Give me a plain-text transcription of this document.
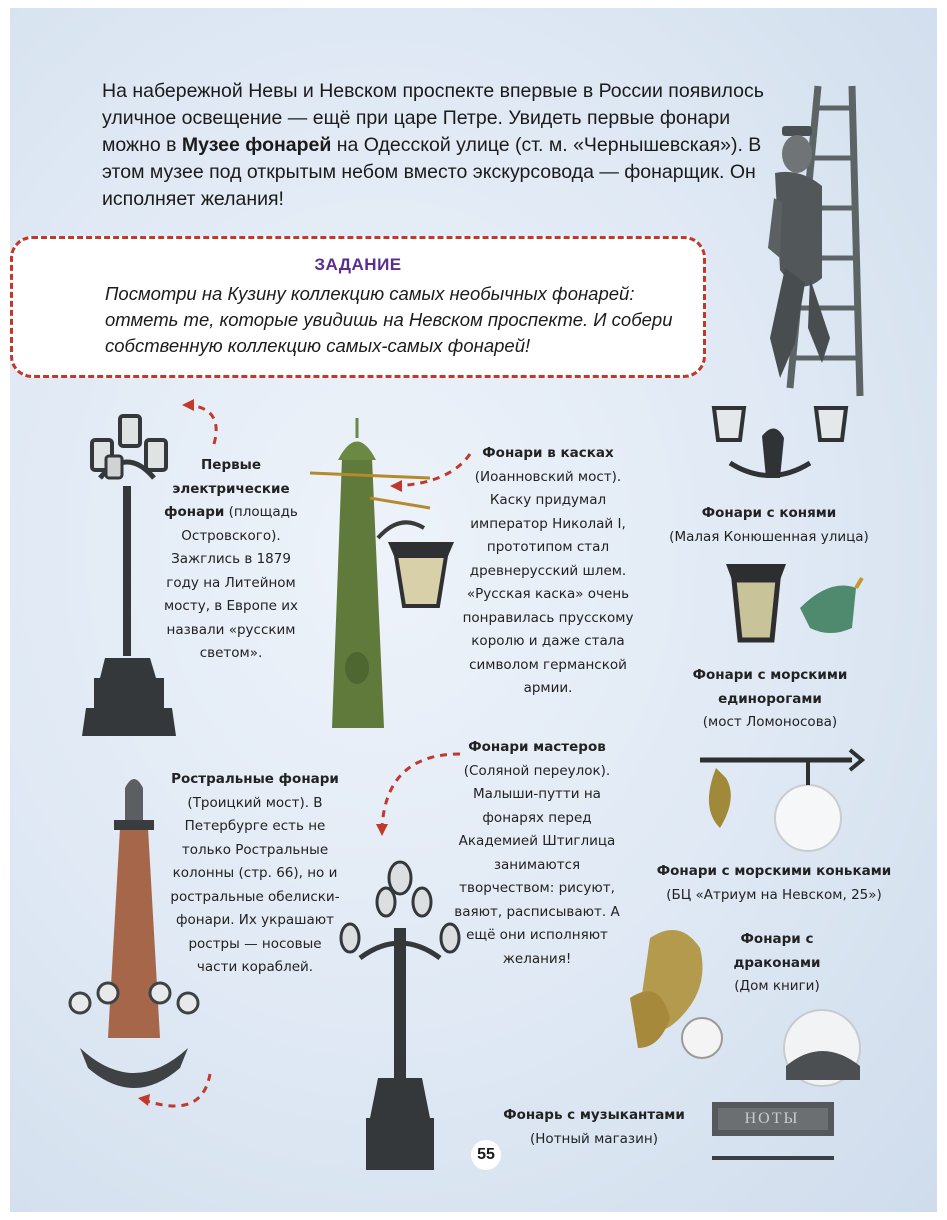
На набережной Невы и Невском проспекте впервые в России появилось уличное освещение — ещё при царе Петре. Увидеть первые фонари можно в Музее фонарей на Одесской улице (ст. м. «Чернышевская»). В этом музее под открытым небом вместо экскурсовода — фонарщик. Он исполняет желания!
ЗАДАНИЕ
Посмотри на Кузину коллекцию самых необычных фонарей: отметь те, которые увидишь на Невском проспекте. И собери собственную коллекцию самых-самых фонарей!
Первые электрические фонари (площадь Островского). Зажглись в 1879 году на Литейном мосту, в Европе их назвали «русским светом».
Фонари в касках
(Иоанновский мост). Каску придумал император Николай I, прототипом стал древнерусский шлем. «Русская каска» очень понравилась прусскому королю и даже стала символом германской армии.
Фонари с конями
(Малая Конюшенная улица)
Фонари с морскими единорогами
(мост Ломоносова)
Фонари мастеров
(Соляной переулок). Малыши-путти на фонарях перед Академией Штиглица занимаются творчеством: рисуют, ваяют, расписывают. А ещё они исполняют желания!
Ростральные фонари
(Троицкий мост). В Петербурге есть не только Ростральные колонны (стр. 66), но и ростральные обелиски-фонари. Их украшают ростры — носовые части кораблей.
Фонари с морскими коньками
(БЦ «Атриум на Невском, 25»)
Фонари с драконами
(Дом книги)
Фонарь с музыкантами
(Нотный магазин)
НОТЫ
55
